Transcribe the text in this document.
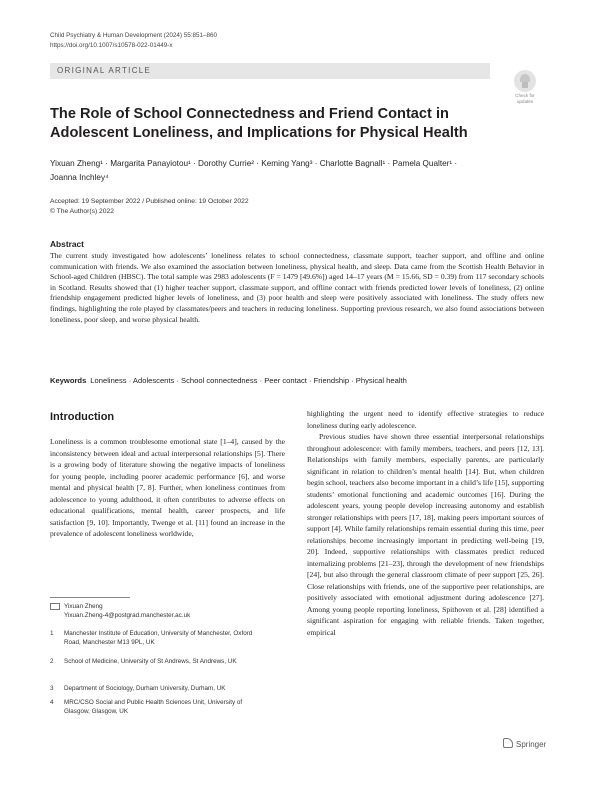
Child Psychiatry & Human Development (2024) 55:851–860
https://doi.org/10.1007/s10578-022-01449-x
ORIGINAL ARTICLE
Check for updates
The Role of School Connectedness and Friend Contact in Adolescent Loneliness, and Implications for Physical Health
Yixuan Zheng¹ · Margarita Panayiotou¹ · Dorothy Currie² · Keming Yang³ · Charlotte Bagnall¹ · Pamela Qualter¹ ·
Joanna Inchley⁴
Accepted: 19 September 2022 / Published online: 19 October 2022
© The Author(s) 2022
Abstract
The current study investigated how adolescents’ loneliness relates to school connectedness, classmate support, teacher support, and offline and online communication with friends. We also examined the association between loneliness, physical health, and sleep. Data came from the Scottish Health Behavior in School-aged Children (HBSC). The total sample was 2983 adolescents (F = 1479 [49.6%]) aged 14–17 years (M = 15.66, SD = 0.39) from 117 secondary schools in Scotland. Results showed that (1) higher teacher support, classmate support, and offline contact with friends predicted lower levels of loneliness, (2) online friendship engagement predicted higher levels of loneliness, and (3) poor health and sleep were positively associated with loneliness. The study offers new findings, highlighting the role played by classmates/peers and teachers in reducing loneliness. Supporting previous research, we also found associations between loneliness, poor sleep, and worse physical health.
Keywords Loneliness · Adolescents · School connectedness · Peer contact · Friendship · Physical health
Introduction

Loneliness is a common troublesome emotional state [1–4], caused by the inconsistency between ideal and actual interpersonal relationships [5]. There is a growing body of literature showing the negative impacts of loneliness for young people, including poorer academic performance [6], and worse mental and physical health [7, 8]. Further, when loneliness continues from adolescence to young adulthood, it often contributes to adverse effects on educational qualifications, mental health, career prospects, and life satisfaction [9, 10]. Importantly, Twenge et al. [11] found an increase in the prevalence of adolescent loneliness worldwide,

highlighting the urgent need to identify effective strategies to reduce loneliness during early adolescence.

Previous studies have shown three essential interpersonal relationships throughout adolescence: with family members, teachers, and peers [12, 13]. Relationships with family members, especially parents, are particularly significant in relation to children’s mental health [14]. But, when children begin school, teachers also become important in a child’s life [15], supporting students’ emotional functioning and academic outcomes [16]. During the adolescent years, young people develop increasing autonomy and establish stronger relationships with peers [17, 18], making peers important sources of support [4]. While family relationships remain essential during this time, peer relationships become increasingly important in predicting well-being [19, 20]. Indeed, supportive relationships with classmates predict reduced internalizing problems [21–23], through the development of new friendships [24], but also through the general classroom climate of peer support [25, 26]. Close relationships with friends, one of the supportive peer relationships, are positively associated with emotional adjustment during adolescence [27]. Among young people reporting loneliness, Spithoven et al. [28] identified a significant aspiration for engaging with reliable friends. Taken together, empirical

Yixuan Zheng
Yixuan.Zheng-4@postgrad.manchester.ac.uk
1	Manchester Institute of Education, University of Manchester, Oxford Road, Manchester M13 9PL, UK
2	School of Medicine, University of St Andrews, St Andrews, UK
3	Department of Sociology, Durham University, Durham, UK
4	MRC/CSO Social and Public Health Sciences Unit, University of Glasgow, Glasgow, UK
Springer
